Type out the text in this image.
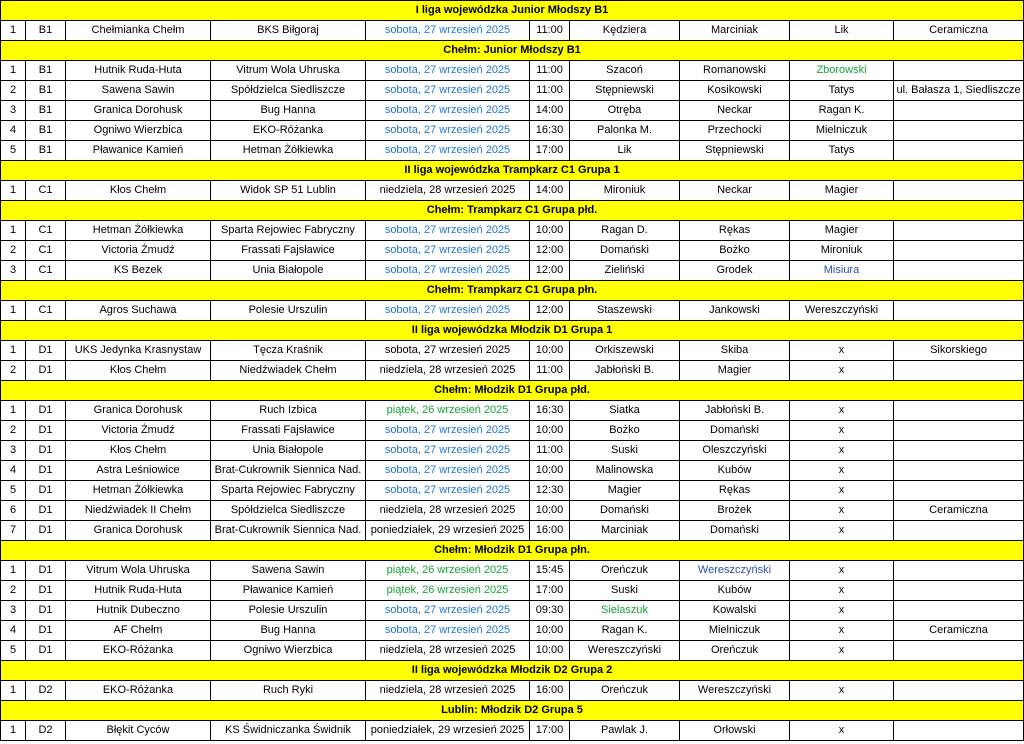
I liga wojewódzka Junior Młodszy B1									
1	B1	Chełmianka Chełm	BKS Biłgoraj	sobota, 27 wrzesień 2025	11:00	Kędziera	Marciniak	Lik	Ceramiczna
Chełm: Junior Młodszy B1									
1	B1	Hutnik Ruda-Huta	Vitrum Wola Uhruska	sobota, 27 wrzesień 2025	11:00	Szacoń	Romanowski	Zborowski	
2	B1	Sawena Sawin	Spółdzielca Siedliszcze	sobota, 27 wrzesień 2025	11:00	Stępniewski	Kosikowski	Tatys	ul. Bałasza 1, Siedliszcze
3	B1	Granica Dorohusk	Bug Hanna	sobota, 27 wrzesień 2025	14:00	Otręba	Neckar	Ragan K.	
4	B1	Ogniwo Wierzbica	EKO-Różanka	sobota, 27 wrzesień 2025	16:30	Palonka M.	Przechocki	Mielniczuk	
5	B1	Pławanice Kamień	Hetman Żółkiewka	sobota, 27 wrzesień 2025	17:00	Lik	Stępniewski	Tatys	
II liga wojewódzka Trampkarz C1 Grupa 1									
1	C1	Kłos Chełm	Widok SP 51 Lublin	niedziela, 28 wrzesień 2025	14:00	Mironiuk	Neckar	Magier	
Chełm: Trampkarz C1 Grupa płd.									
1	C1	Hetman Żółkiewka	Sparta Rejowiec Fabryczny	sobota, 27 wrzesień 2025	10:00	Ragan D.	Rękas	Magier	
2	C1	Victoria Żmudź	Frassati Fajsławice	sobota, 27 wrzesień 2025	12:00	Domański	Bożko	Mironiuk	
3	C1	KS Bezek	Unia Białopole	sobota, 27 wrzesień 2025	12:00	Zieliński	Grodek	Misiura	
Chełm: Trampkarz C1 Grupa płn.									
1	C1	Agros Suchawa	Polesie Urszulin	sobota, 27 wrzesień 2025	12:00	Staszewski	Jankowski	Wereszczyński	
II liga wojewódzka Młodzik D1 Grupa 1									
1	D1	UKS Jedynka Krasnystaw	Tęcza Kraśnik	sobota, 27 wrzesień 2025	10:00	Orkiszewski	Skiba	x	Sikorskiego
2	D1	Kłos Chełm	Niedźwiadek Chełm	niedziela, 28 wrzesień 2025	11:00	Jabłoński B.	Magier	x	
Chełm: Młodzik D1 Grupa płd.									
1	D1	Granica Dorohusk	Ruch Izbica	piątek, 26 wrzesień 2025	16:30	Siatka	Jabłoński B.	x	
2	D1	Victoria Żmudź	Frassati Fajsławice	sobota, 27 wrzesień 2025	10:00	Bożko	Domański	x	
3	D1	Kłos Chełm	Unia Białopole	sobota, 27 wrzesień 2025	11:00	Suski	Oleszczyński	x	
4	D1	Astra Leśniowice	Brat-Cukrownik Siennica Nad.	sobota, 27 wrzesień 2025	10:00	Malinowska	Kubów	x	
5	D1	Hetman Żółkiewka	Sparta Rejowiec Fabryczny	sobota, 27 wrzesień 2025	12:30	Magier	Rękas	x	
6	D1	Niedźwiadek II Chełm	Spółdzielca Siedliszcze	niedziela, 28 wrzesień 2025	10:00	Domański	Brożek	x	Ceramiczna
7	D1	Granica Dorohusk	Brat-Cukrownik Siennica Nad.	poniedziałek, 29 wrzesień 2025	16:00	Marciniak	Domański	x	
Chełm: Młodzik D1 Grupa płn.									
1	D1	Vitrum Wola Uhruska	Sawena Sawin	piątek, 26 wrzesień 2025	15:45	Oreńczuk	Wereszczyński	x	
2	D1	Hutnik Ruda-Huta	Pławanice Kamień	piątek, 26 wrzesień 2025	17:00	Suski	Kubów	x	
3	D1	Hutnik Dubeczno	Polesie Urszulin	sobota, 27 wrzesień 2025	09:30	Sielaszuk	Kowalski	x	
4	D1	AF Chełm	Bug Hanna	sobota, 27 wrzesień 2025	10:00	Ragan K.	Mielniczuk	x	Ceramiczna
5	D1	EKO-Różanka	Ogniwo Wierzbica	niedziela, 28 wrzesień 2025	10:00	Wereszczyński	Oreńczuk	x	
II liga wojewódzka Młodzik D2 Grupa 2									
1	D2	EKO-Różanka	Ruch Ryki	niedziela, 28 wrzesień 2025	16:00	Oreńczuk	Wereszczyński	x	
Lublin: Młodzik D2 Grupa 5									
1	D2	Błękit Cyców	KS Świdniczanka Świdnik	poniedziałek, 29 wrzesień 2025	17:00	Pawlak J.	Orłowski	x	
